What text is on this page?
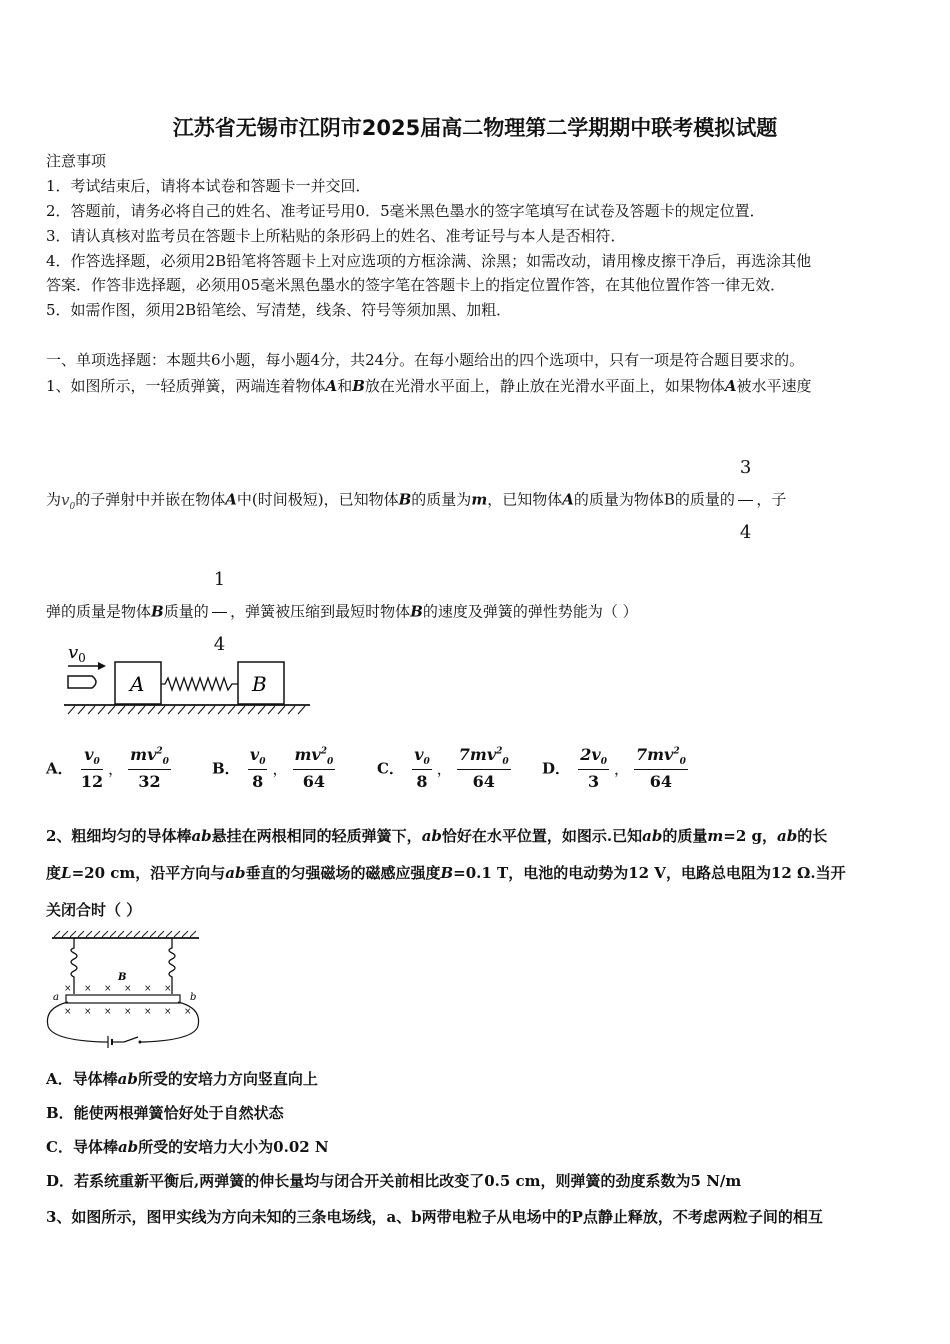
江苏省无锡市江阴市2025届高二物理第二学期期中联考模拟试题
注意事项
1．考试结束后，请将本试卷和答题卡一并交回．
2．答题前，请务必将自己的姓名、准考证号用0．5毫米黑色墨水的签字笔填写在试卷及答题卡的规定位置．
3．请认真核对监考员在答题卡上所粘贴的条形码上的姓名、准考证号与本人是否相符．
4．作答选择题，必须用2B铅笔将答题卡上对应选项的方框涂满、涂黑；如需改动，请用橡皮擦干净后，再选涂其他
答案．作答非选择题，必须用05毫米黑色墨水的签字笔在答题卡上的指定位置作答，在其他位置作答一律无效．
5．如需作图，须用2B铅笔绘、写清楚，线条、符号等须加黑、加粗．
一、单项选择题：本题共6小题，每小题4分，共24分。在每小题给出的四个选项中，只有一项是符合题目要求的。
1、如图所示，一轻质弹簧，两端连着物体A和B放在光滑水平面上，静止放在光滑水平面上，如果物体A被水平速度
为$v_0$的子弹射中并嵌在物体A中(时间极短)，已知物体B的质量为m，已知物体A的质量为物体B的质量的 $\frac{3}{4}$ ，子
弹的质量是物体B质量的 $\frac{1}{4}$ ，弹簧被压缩到最短时物体B的速度及弹簧的弹性势能为（ ）
$v_0$
A	B
A． $\frac{v_0}{12}$ ， $\frac{mv^2_0}{32}$	B． $\frac{v_0}{8}$ ， $\frac{mv^2_0}{64}$	C． $\frac{v_0}{8}$ ， $\frac{7mv^2_0}{64}$ D． $\frac{2v_0}{3}$ ， $\frac{7mv^2_0}{64}$
2、粗细均匀的导体棒ab悬挂在两根相同的轻质弹簧下，ab恰好在水平位置，如图示.已知ab的质量m=2 g，ab的长
度L=20 cm，沿平方向与ab垂直的匀强磁场的磁感应强度B=0.1 T，电池的电动势为12 V，电路总电阻为12 Ω.当开
关闭合时（ ）
B
× × × × × ×
× × × × × × ×
a	b
A．导体棒ab所受的安培力方向竖直向上
B．能使两根弹簧恰好处于自然状态
C．导体棒ab所受的安培力大小为0.02 N
D．若系统重新平衡后,两弹簧的伸长量均与闭合开关前相比改变了0.5 cm，则弹簧的劲度系数为5 N/m
3、如图所示，图甲实线为方向未知的三条电场线，a、b两带电粒子从电场中的P点静止释放，不考虑两粒子间的相互
